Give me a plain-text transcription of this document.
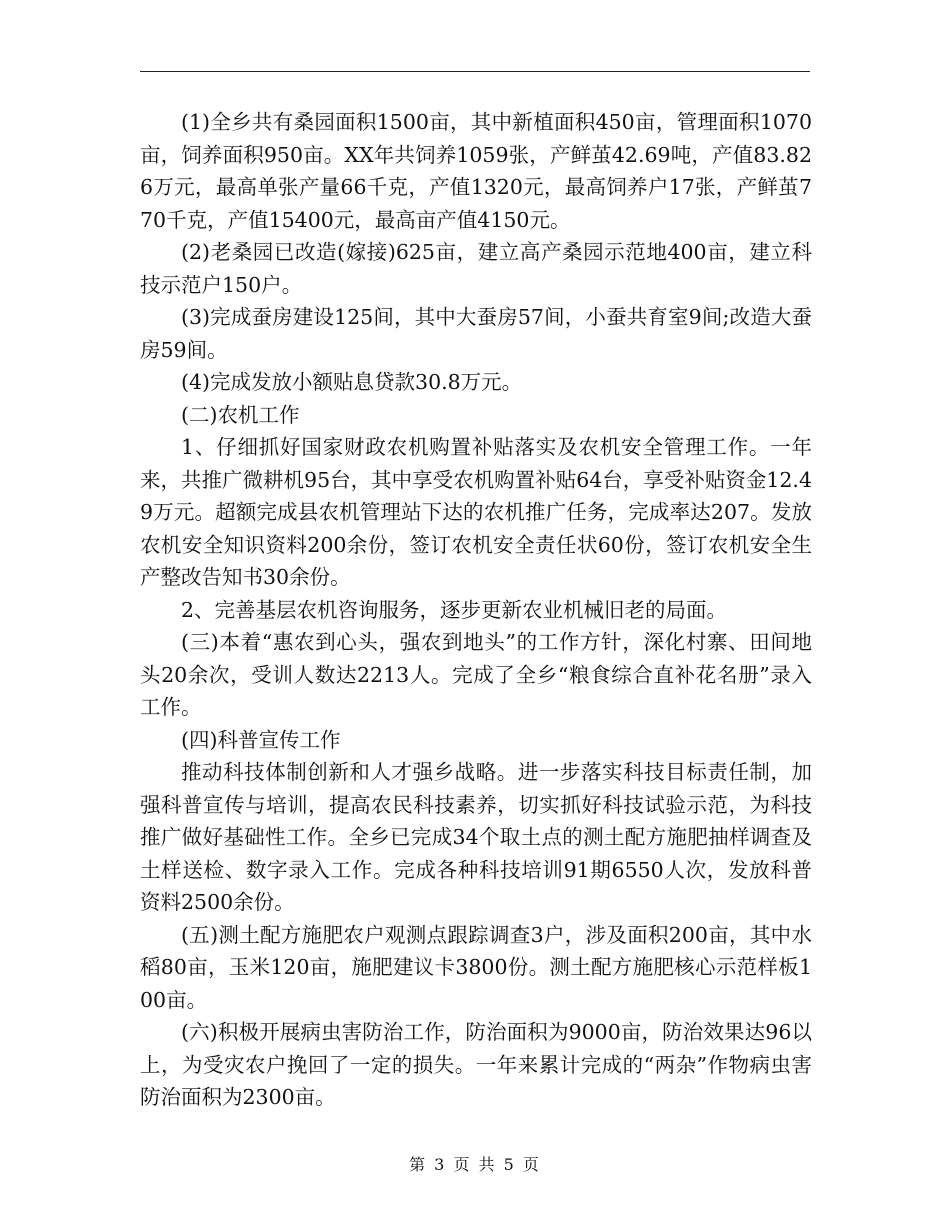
(1)全乡共有桑园面积1500亩，其中新植面积450亩，管理面积1070亩，饲养面积950亩。XX年共饲养1059张，产鲜茧42.69吨，产值83.826万元，最高单张产量66千克，产值1320元，最高饲养户17张，产鲜茧770千克，产值15400元，最高亩产值4150元。

(2)老桑园已改造(嫁接)625亩，建立高产桑园示范地400亩，建立科技示范户150户。

(3)完成蚕房建设125间，其中大蚕房57间，小蚕共育室9间;改造大蚕房59间。

(4)完成发放小额贴息贷款30.8万元。

(二)农机工作

1、仔细抓好国家财政农机购置补贴落实及农机安全管理工作。一年来，共推广微耕机95台，其中享受农机购置补贴64台，享受补贴资金12.49万元。超额完成县农机管理站下达的农机推广任务，完成率达207。发放农机安全知识资料200余份，签订农机安全责任状60份，签订农机安全生产整改告知书30余份。

2、完善基层农机咨询服务，逐步更新农业机械旧老的局面。

(三)本着“惠农到心头，强农到地头”的工作方针，深化村寨、田间地头20余次，受训人数达2213人。完成了全乡“粮食综合直补花名册”录入工作。

(四)科普宣传工作

推动科技体制创新和人才强乡战略。进一步落实科技目标责任制，加强科普宣传与培训，提高农民科技素养，切实抓好科技试验示范，为科技推广做好基础性工作。全乡已完成34个取土点的测土配方施肥抽样调查及土样送检、数字录入工作。完成各种科技培训91期6550人次，发放科普资料2500余份。

(五)测土配方施肥农户观测点跟踪调查3户，涉及面积200亩，其中水稻80亩，玉米120亩，施肥建议卡3800份。测土配方施肥核心示范样板100亩。

(六)积极开展病虫害防治工作，防治面积为9000亩，防治效果达96以上，为受灾农户挽回了一定的损失。一年来累计完成的“两杂”作物病虫害防治面积为2300亩。

第 3 页 共 5 页
